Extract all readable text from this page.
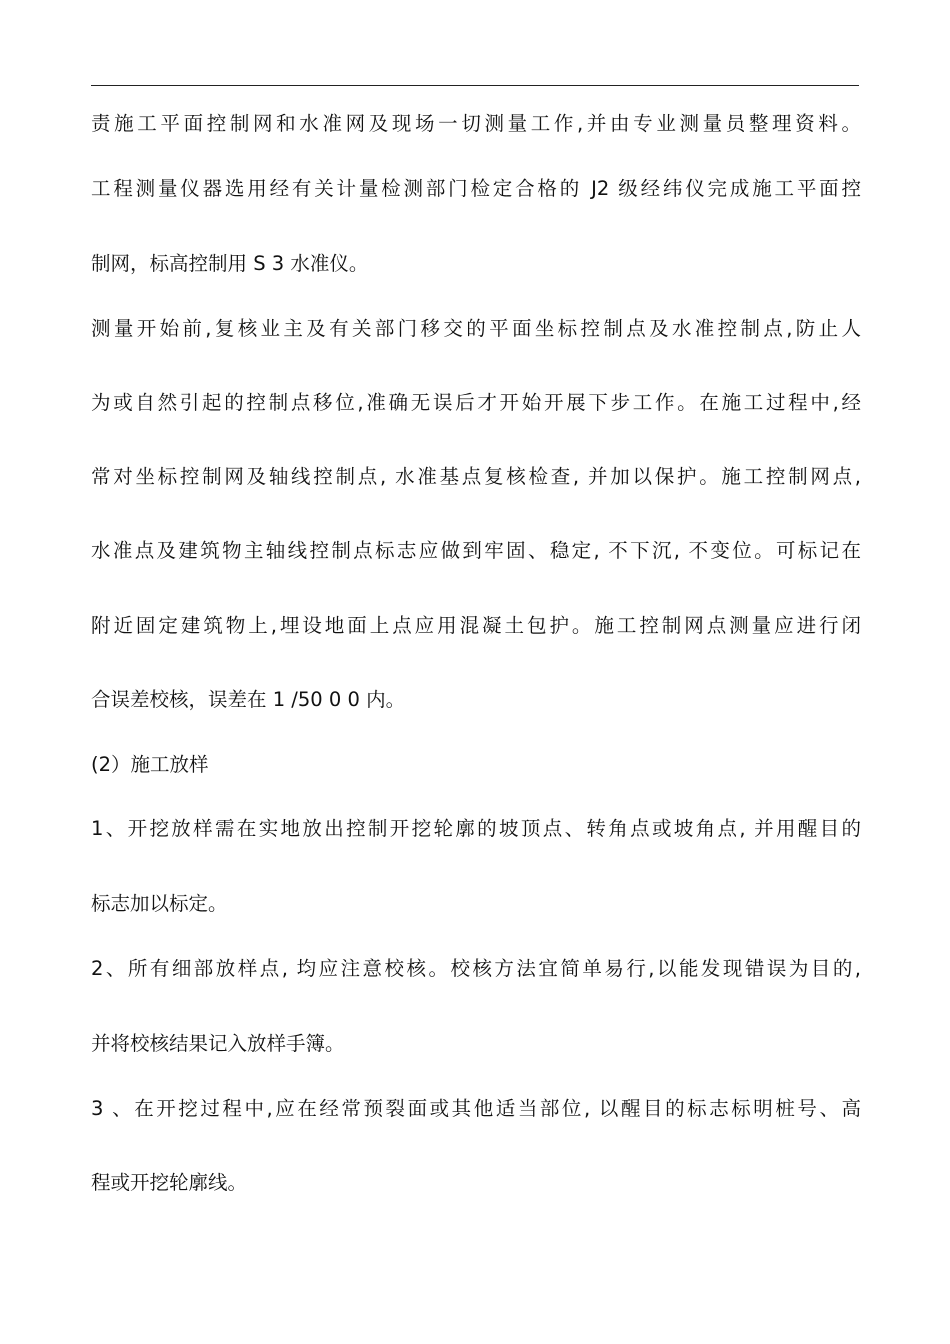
责施工平面控制网和水准网及现场一切测量工作,并由专业测量员整理资料。
工程测量仪器选用经有关计量检测部门检定合格的 J2 级经纬仪完成施工平面控
制网，标高控制用 S 3 水准仪。
测量开始前,复核业主及有关部门移交的平面坐标控制点及水准控制点,防止人
为或自然引起的控制点移位,准确无误后才开始开展下步工作。在施工过程中,经
常对坐标控制网及轴线控制点, 水准基点复核检查, 并加以保护。施工控制网点,
水准点及建筑物主轴线控制点标志应做到牢固、稳定, 不下沉, 不变位。可标记在
附近固定建筑物上,埋设地面上点应用混凝土包护。施工控制网点测量应进行闭
合误差校核，误差在 1 /50 0 0 内。
(2）施工放样
1、开挖放样需在实地放出控制开挖轮廓的坡顶点、转角点或坡角点, 并用醒目的
标志加以标定。
2、所有细部放样点, 均应注意校核。校核方法宜简单易行,以能发现错误为目的,
并将校核结果记入放样手簿。
3 、在开挖过程中,应在经常预裂面或其他适当部位, 以醒目的标志标明桩号、高
程或开挖轮廓线。
